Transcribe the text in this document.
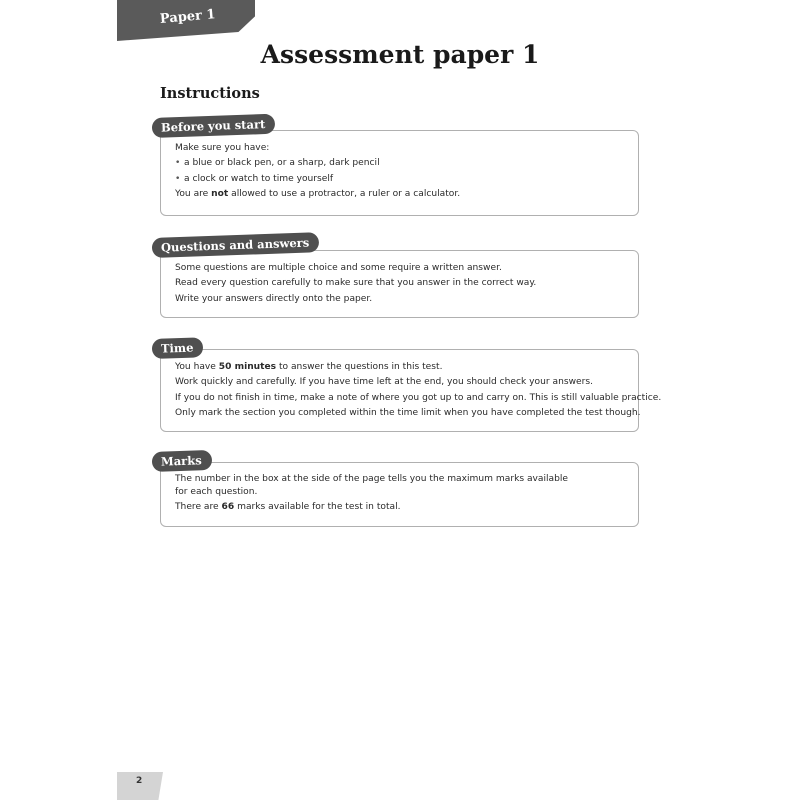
Paper 1
Assessment paper 1
Instructions

Make sure you have:

• a blue or black pen, or a sharp, dark pencil

• a clock or watch to time yourself

You are not allowed to use a protractor, a ruler or a calculator.

Before you start

Some questions are multiple choice and some require a written answer.

Read every question carefully to make sure that you answer in the correct way.

Write your answers directly onto the paper.

Questions and answers

You have 50 minutes to answer the questions in this test.

Work quickly and carefully. If you have time left at the end, you should check your answers.

If you do not finish in time, make a note of where you got up to and carry on. This is still valuable practice.

Only mark the section you completed within the time limit when you have completed the test though.

Time

The number in the box at the side of the page tells you the maximum marks available for each question.

There are 66 marks available for the test in total.

Marks
2
